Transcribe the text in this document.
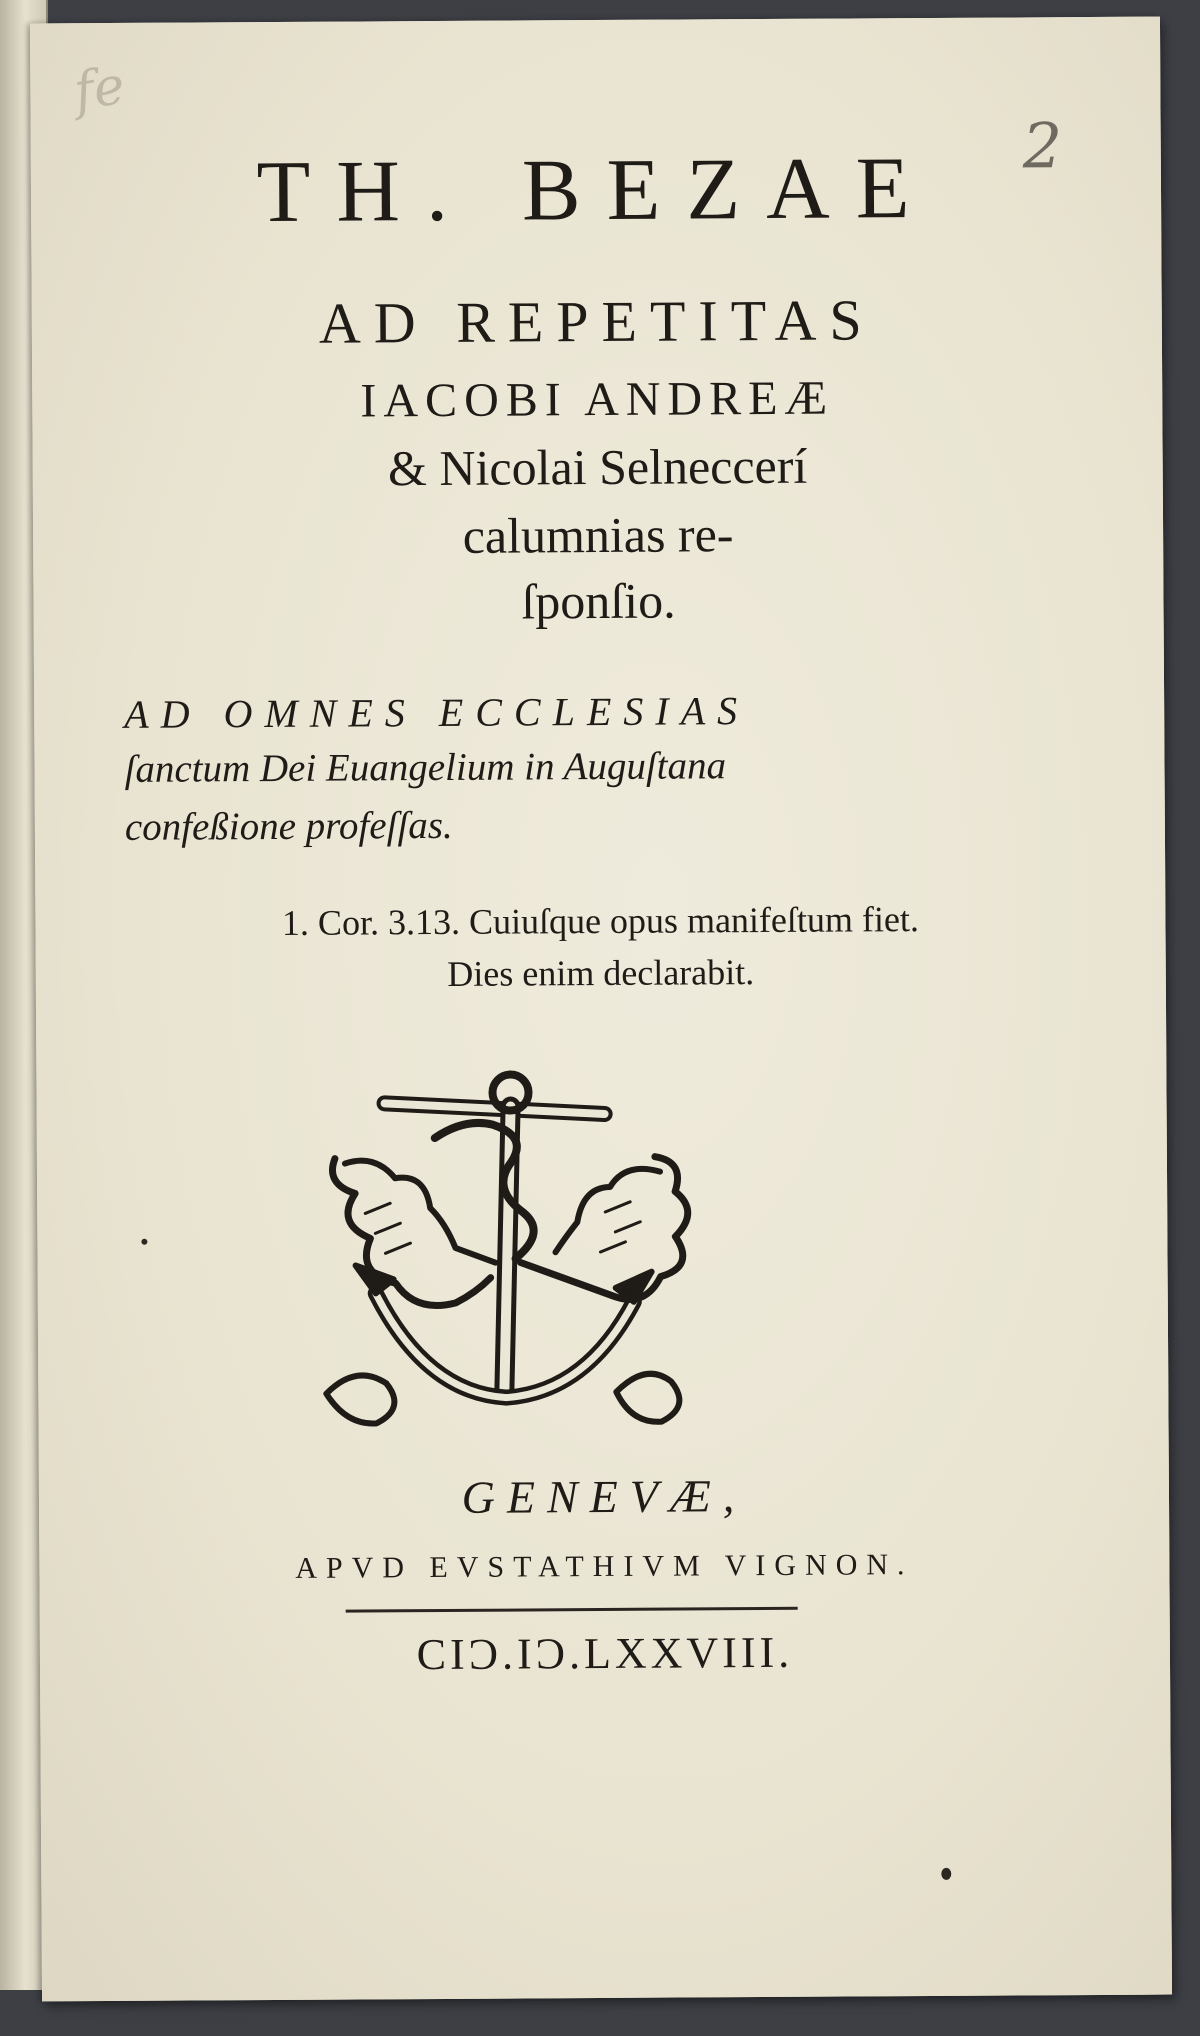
fe
2

TH. BEZAE

AD REPETITAS

IACOBI ANDREÆ

& Nicolai Selneccerí

calumnias re-

ſponſio.

AD OMNES ECCLESIAS

ſanctum Dei Euangelium in Auguſtana

confeßione profeſſas.

1. Cor. 3.13. Cuiuſque opus manifeſtum fiet.

Dies enim declarabit.

GENEVÆ,

APVD EVSTATHIVM VIGNON.

CIƆ.IƆ.LXXVIII.
